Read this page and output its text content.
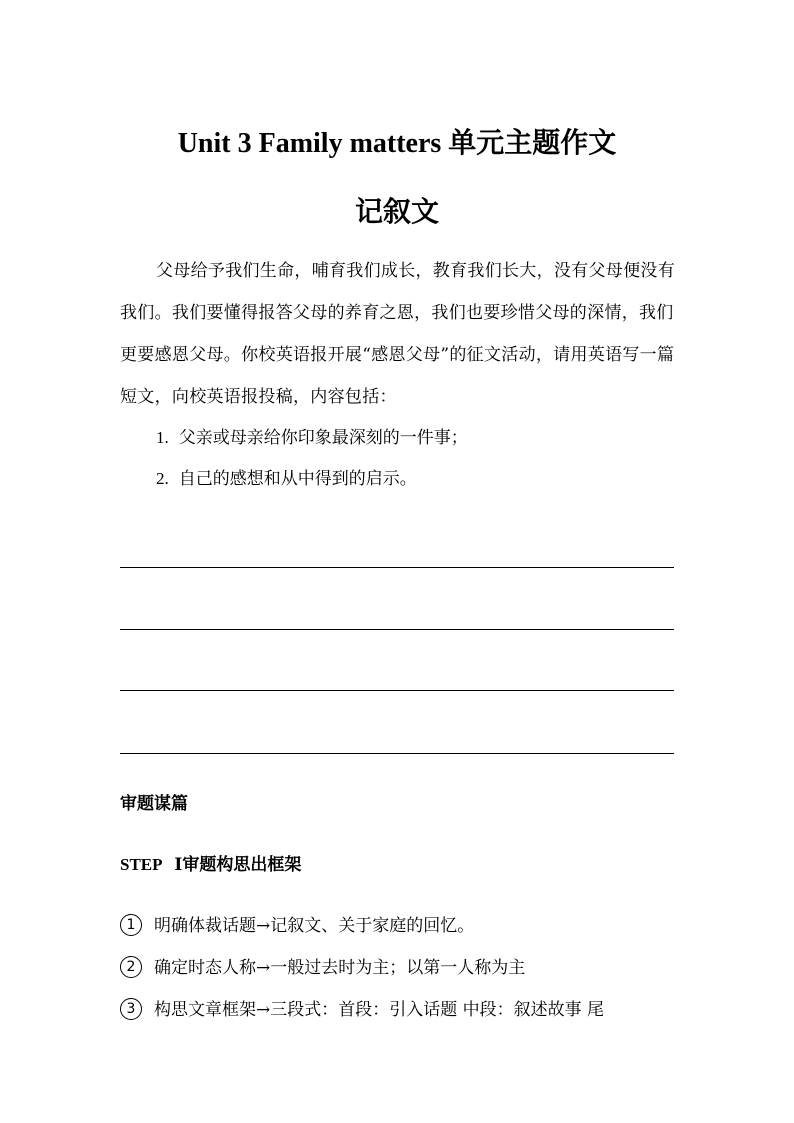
Unit 3 Family matters 单元主题作文
记叙文
父母给予我们生命，哺育我们成长，教育我们长大，没有父母便没有我们。我们要懂得报答父母的养育之恩，我们也要珍惜父母的深情，我们更要感恩父母。你校英语报开展“感恩父母”的征文活动，请用英语写一篇短文，向校英语报投稿，内容包括：
1. 父亲或母亲给你印象最深刻的一件事；
2. 自己的感想和从中得到的启示。
审题谋篇
STEP Ⅰ审题构思出框架
1 明确体裁话题→记叙文、关于家庭的回忆。
2 确定时态人称→一般过去时为主；以第一人称为主
3 构思文章框架→三段式：首段：引入话题 中段：叙述故事 尾
